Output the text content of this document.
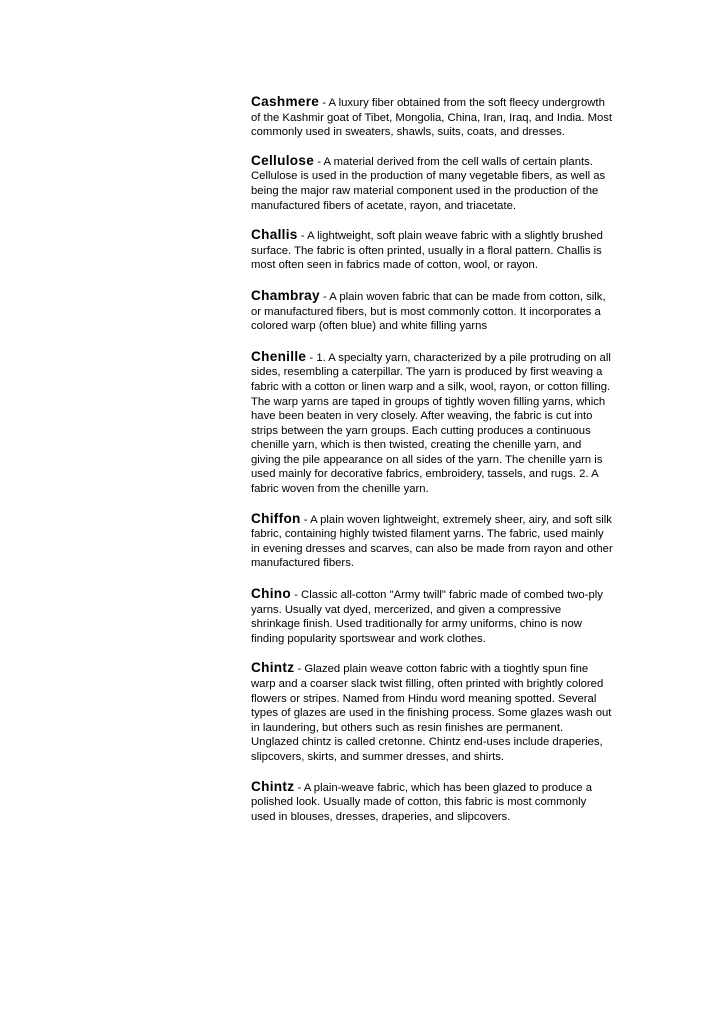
Cashmere - A luxury fiber obtained from the soft fleecy undergrowth of the Kashmir goat of Tibet, Mongolia, China, Iran, Iraq, and India. Most commonly used in sweaters, shawls, suits, coats, and dresses.

Cellulose - A material derived from the cell walls of certain plants. Cellulose is used in the production of many vegetable fibers, as well as being the major raw material component used in the production of the manufactured fibers of acetate, rayon, and triacetate.

Challis - A lightweight, soft plain weave fabric with a slightly brushed surface. The fabric is often printed, usually in a floral pattern. Challis is most often seen in fabrics made of cotton, wool, or rayon.

Chambray - A plain woven fabric that can be made from cotton, silk, or manufactured fibers, but is most commonly cotton. It incorporates a colored warp (often blue) and white filling yarns

Chenille - 1. A specialty yarn, characterized by a pile protruding on all sides, resembling a caterpillar. The yarn is produced by first weaving a fabric with a cotton or linen warp and a silk, wool, rayon, or cotton filling. The warp yarns are taped in groups of tightly woven filling yarns, which have been beaten in very closely. After weaving, the fabric is cut into strips between the yarn groups. Each cutting produces a continuous chenille yarn, which is then twisted, creating the chenille yarn, and giving the pile appearance on all sides of the yarn. The chenille yarn is used mainly for decorative fabrics, embroidery, tassels, and rugs. 2. A fabric woven from the chenille yarn.

Chiffon - A plain woven lightweight, extremely sheer, airy, and soft silk fabric, containing highly twisted filament yarns. The fabric, used mainly in evening dresses and scarves, can also be made from rayon and other manufactured fibers.

Chino - Classic all-cotton "Army twill" fabric made of combed two-ply yarns. Usually vat dyed, mercerized, and given a compressive shrinkage finish. Used traditionally for army uniforms, chino is now finding popularity sportswear and work clothes.

Chintz - Glazed plain weave cotton fabric with a tioghtly spun fine warp and a coarser slack twist filling, often printed with brightly colored flowers or stripes. Named from Hindu word meaning spotted. Several types of glazes are used in the finishing process. Some glazes wash out in laundering, but others such as resin finishes are permanent. Unglazed chintz is called cretonne. Chintz end-uses include draperies, slipcovers, skirts, and summer dresses, and shirts.

Chintz - A plain-weave fabric, which has been glazed to produce a polished look. Usually made of cotton, this fabric is most commonly used in blouses, dresses, draperies, and slipcovers.
